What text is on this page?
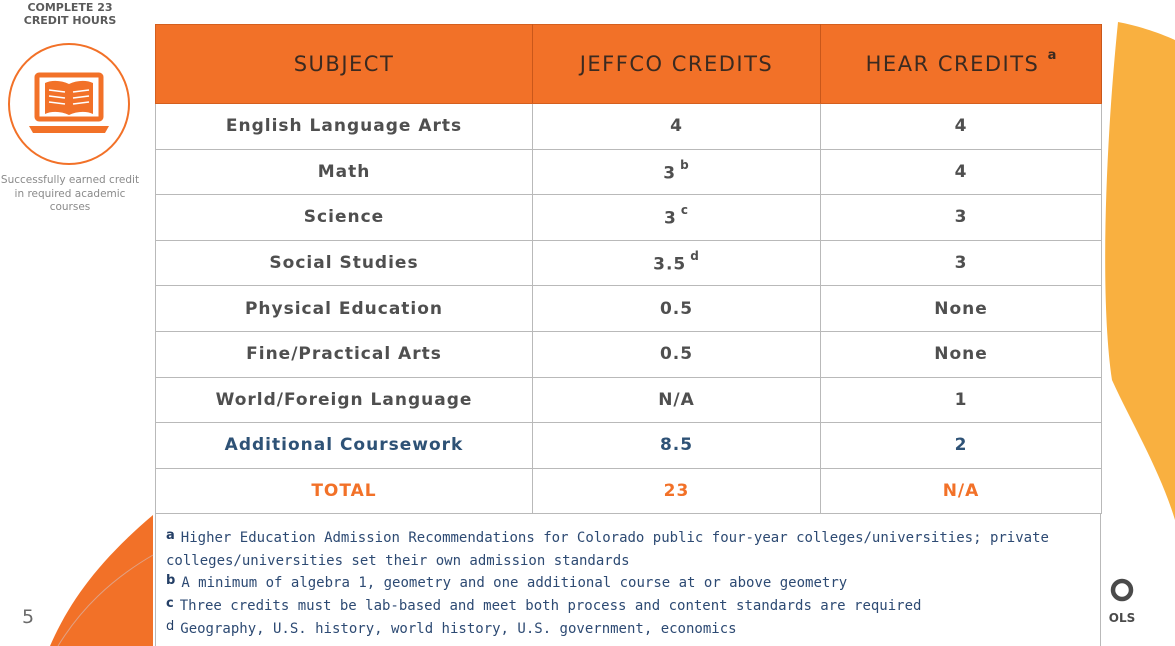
COMPLETE 23
CREDIT HOURS
Successfully earned credit
in required academic
courses
SUBJECT	JEFFCO CREDITS	HEAR CREDITS $^a$
English Language Arts	4	4
Math	3 $^b$	4
Science	3 $^c$	3
Social Studies	3.5 $^d$	3
Physical Education	0.5	None
Fine/Practical Arts	0.5	None
World/Foreign Language	N/A	1
Additional Coursework	8.5	2
TOTAL	23	N/A
a Higher Education Admission Recommendations for Colorado public four-year colleges/universities; private
colleges/universities set their own admission standards
b A minimum of algebra 1, geometry and one additional course at or above geometry
c Three credits must be lab-based and meet both process and content standards are required
d Geography, U.S. history, world history, U.S. government, economics
5	OLS
